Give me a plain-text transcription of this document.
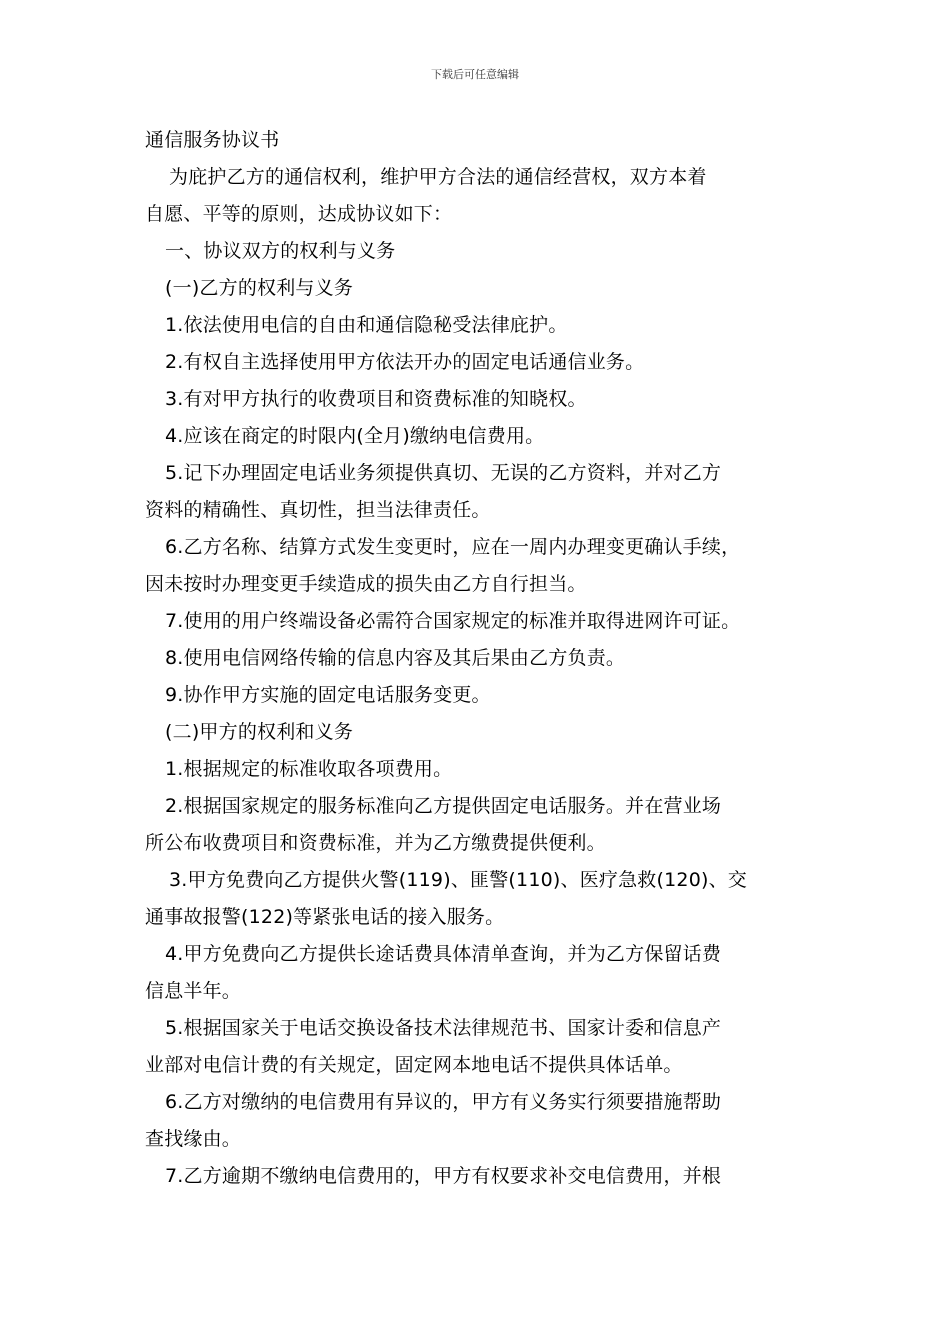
下载后可任意编辑
通信服务协议书
为庇护乙方的通信权利，维护甲方合法的通信经营权，双方本着
自愿、平等的原则，达成协议如下：
一、协议双方的权利与义务
(一)乙方的权利与义务
1.依法使用电信的自由和通信隐秘受法律庇护。
2.有权自主选择使用甲方依法开办的固定电话通信业务。
3.有对甲方执行的收费项目和资费标准的知晓权。
4.应该在商定的时限内(全月)缴纳电信费用。
5.记下办理固定电话业务须提供真切、无误的乙方资料，并对乙方
资料的精确性、真切性，担当法律责任。
6.乙方名称、结算方式发生变更时，应在一周内办理变更确认手续，
因未按时办理变更手续造成的损失由乙方自行担当。
7.使用的用户终端设备必需符合国家规定的标准并取得进网许可证。
8.使用电信网络传输的信息内容及其后果由乙方负责。
9.协作甲方实施的固定电话服务变更。
(二)甲方的权利和义务
1.根据规定的标准收取各项费用。
2.根据国家规定的服务标准向乙方提供固定电话服务。并在营业场
所公布收费项目和资费标准，并为乙方缴费提供便利。
3.甲方免费向乙方提供火警(119)、匪警(110)、医疗急救(120)、交
通事故报警(122)等紧张电话的接入服务。
4.甲方免费向乙方提供长途话费具体清单查询，并为乙方保留话费
信息半年。
5.根据国家关于电话交换设备技术法律规范书、国家计委和信息产
业部对电信计费的有关规定，固定网本地电话不提供具体话单。
6.乙方对缴纳的电信费用有异议的，甲方有义务实行须要措施帮助
查找缘由。
7.乙方逾期不缴纳电信费用的，甲方有权要求补交电信费用，并根
